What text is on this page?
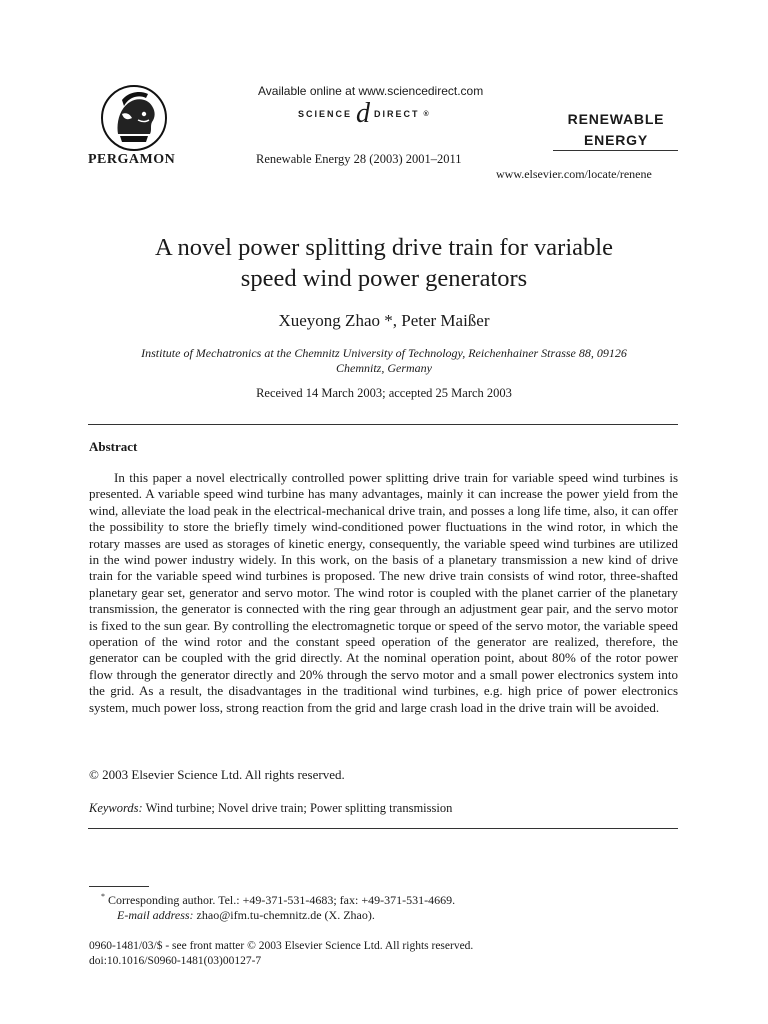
PERGAMON
Available online at www.sciencedirect.com
SCIENCE d DIRECT ®
Renewable Energy 28 (2003) 2001–2011
RENEWABLE
ENERGY
www.elsevier.com/locate/renene
A novel power splitting drive train for variable
speed wind power generators
Xueyong Zhao *, Peter Maißer
Institute of Mechatronics at the Chemnitz University of Technology, Reichenhainer Strasse 88, 09126
Chemnitz, Germany
Received 14 March 2003; accepted 25 March 2003
Abstract
In this paper a novel electrically controlled power splitting drive train for variable speed wind turbines is presented. A variable speed wind turbine has many advantages, mainly it can increase the power yield from the wind, alleviate the load peak in the electrical-mechanical drive train, and posses a long life time, also, it can offer the possibility to store the briefly timely wind-conditioned power fluctuations in the wind rotor, in which the rotary masses are used as storages of kinetic energy, consequently, the variable speed wind turbines are utilized in the wind power industry widely. In this work, on the basis of a planetary transmission a new kind of drive train for the variable speed wind turbines is proposed. The new drive train consists of wind rotor, three-shafted planetary gear set, generator and servo motor. The wind rotor is coupled with the planet carrier of the planetary transmission, the generator is connected with the ring gear through an adjustment gear pair, and the servo motor is fixed to the sun gear. By controlling the electromagnetic torque or speed of the servo motor, the variable speed operation of the wind rotor and the constant speed operation of the generator are realized, therefore, the generator can be coupled with the grid directly. At the nominal operation point, about 80% of the rotor power flow through the generator directly and 20% through the servo motor and a small power electronics system into the grid. As a result, the disadvantages in the traditional wind turbines, e.g. high price of power electronics system, much power loss, strong reaction from the grid and large crash load in the drive train will be avoided.
© 2003 Elsevier Science Ltd. All rights reserved.
Keywords: Wind turbine; Novel drive train; Power splitting transmission
* Corresponding author. Tel.: +49-371-531-4683; fax: +49-371-531-4669.
E-mail address: zhao@ifm.tu-chemnitz.de (X. Zhao).
0960-1481/03/$ - see front matter © 2003 Elsevier Science Ltd. All rights reserved.
doi:10.1016/S0960-1481(03)00127-7
